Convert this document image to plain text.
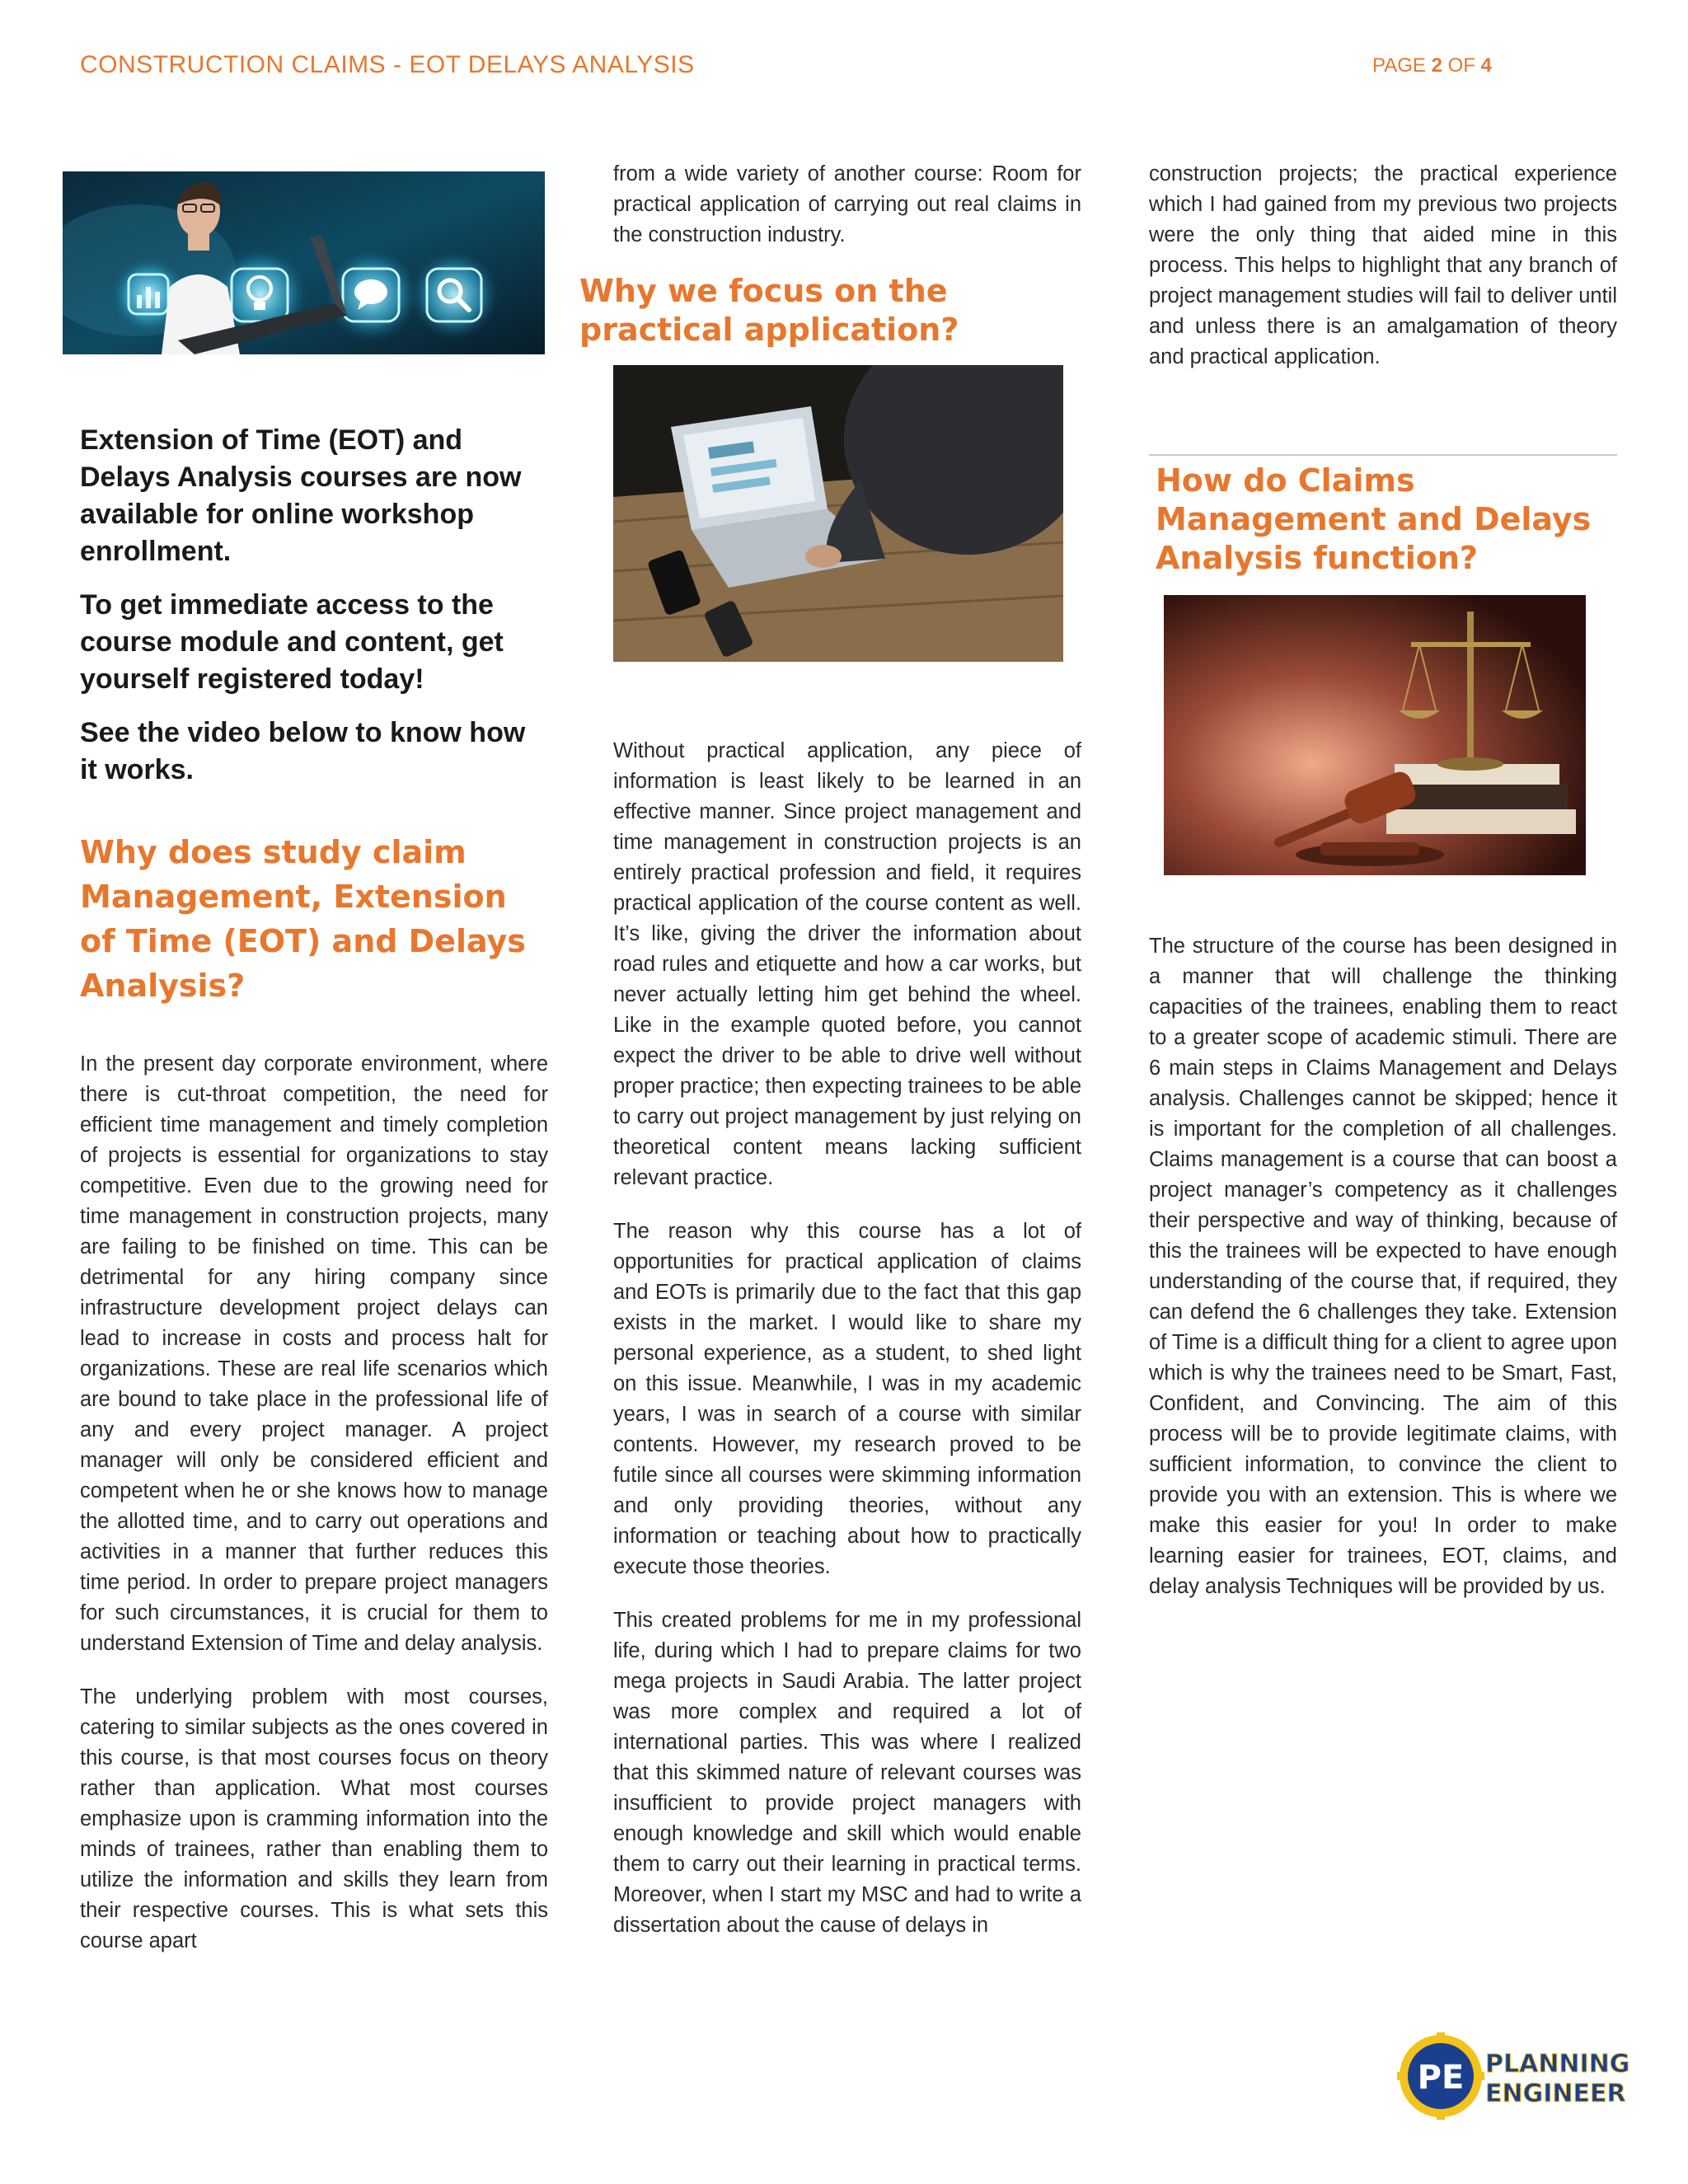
CONSTRUCTION CLAIMS - EOT DELAYS ANALYSIS	PAGE 2 OF 4

Extension of Time (EOT) and Delays Analysis courses are now available for online workshop enrollment.

To get immediate access to the course module and content, get yourself registered today!

See the video below to know how it works.

Why does study claim Management, Extension of Time (EOT) and Delays Analysis?

In the present day corporate environment, where there is cut-throat competition, the need for efficient time management and timely completion of projects is essential for organizations to stay competitive. Even due to the growing need for time management in construction projects, many are failing to be finished on time. This can be detrimental for any hiring company since infrastructure development project delays can lead to increase in costs and process halt for organizations. These are real life scenarios which are bound to take place in the professional life of any and every project manager. A project manager will only be considered efficient and competent when he or she knows how to manage the allotted time, and to carry out operations and activities in a manner that further reduces this time period. In order to prepare project managers for such circumstances, it is crucial for them to understand Extension of Time and delay analysis.

The underlying problem with most courses, catering to similar subjects as the ones covered in this course, is that most courses focus on theory rather than application. What most courses emphasize upon is cramming information into the minds of trainees, rather than enabling them to utilize the information and skills they learn from their respective courses. This is what sets this course apart

from a wide variety of another course: Room for practical application of carrying out real claims in the construction industry.

Why we focus on the practical application?

Without practical application, any piece of information is least likely to be learned in an effective manner. Since project management and time management in construction projects is an entirely practical profession and field, it requires practical application of the course content as well. It’s like, giving the driver the information about road rules and etiquette and how a car works, but never actually letting him get behind the wheel. Like in the example quoted before, you cannot expect the driver to be able to drive well without proper practice; then expecting trainees to be able to carry out project management by just relying on theoretical content means lacking sufficient relevant practice.

The reason why this course has a lot of opportunities for practical application of claims and EOTs is primarily due to the fact that this gap exists in the market. I would like to share my personal experience, as a student, to shed light on this issue. Meanwhile, I was in my academic years, I was in search of a course with similar contents. However, my research proved to be futile since all courses were skimming information and only providing theories, without any information or teaching about how to practically execute those theories.

This created problems for me in my professional life, during which I had to prepare claims for two mega projects in Saudi Arabia. The latter project was more complex and required a lot of international parties. This was where I realized that this skimmed nature of relevant courses was insufficient to provide project managers with enough knowledge and skill which would enable them to carry out their learning in practical terms. Moreover, when I start my MSC and had to write a dissertation about the cause of delays in

construction projects; the practical experience which I had gained from my previous two projects were the only thing that aided mine in this process. This helps to highlight that any branch of project management studies will fail to deliver until and unless there is an amalgamation of theory and practical application.

How do Claims Management and Delays Analysis function?

The structure of the course has been designed in a manner that will challenge the thinking capacities of the trainees, enabling them to react to a greater scope of academic stimuli. There are 6 main steps in Claims Management and Delays analysis. Challenges cannot be skipped; hence it is important for the completion of all challenges. Claims management is a course that can boost a project manager’s competency as it challenges their perspective and way of thinking, because of this the trainees will be expected to have enough understanding of the course that, if required, they can defend the 6 challenges they take. Extension of Time is a difficult thing for a client to agree upon which is why the trainees need to be Smart, Fast, Confident, and Convincing. The aim of this process will be to provide legitimate claims, with sufficient information, to convince the client to provide you with an extension. This is where we make this easier for you! In order to make learning easier for trainees, EOT, claims, and delay analysis Techniques will be provided by us.

PE PLANNING
ENGINEER
